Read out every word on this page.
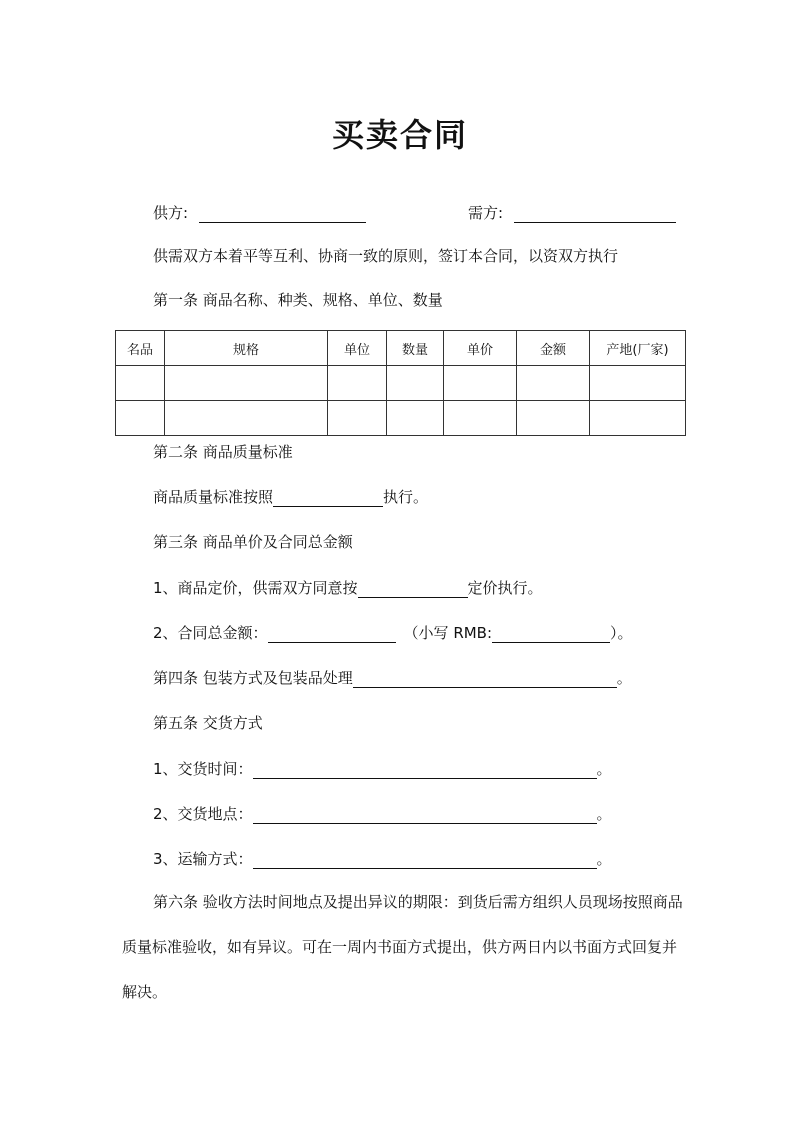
买卖合同
供方:	需方:
供需双方本着平等互利、协商一致的原则，签订本合同，以资双方执行
第一条 商品名称、种类、规格、单位、数量
名品	规格	单位	数量	单价	金额	产地(厂家)

第二条 商品质量标准
商品质量标准按照	执行。
第三条 商品单价及合同总金额
1、商品定价，供需双方同意按	定价执行。
2、合同总金额：	（小写 RMB:	）。
第四条 包装方式及包装品处理	。
第五条 交货方式
1、交货时间：	。
2、交货地点：	。
3、运输方式：	。
第六条 验收方法时间地点及提出异议的期限：到货后需方组织人员现场按照商品质量标准验收，如有异议。可在一周内书面方式提出，供方两日内以书面方式回复并解决。
